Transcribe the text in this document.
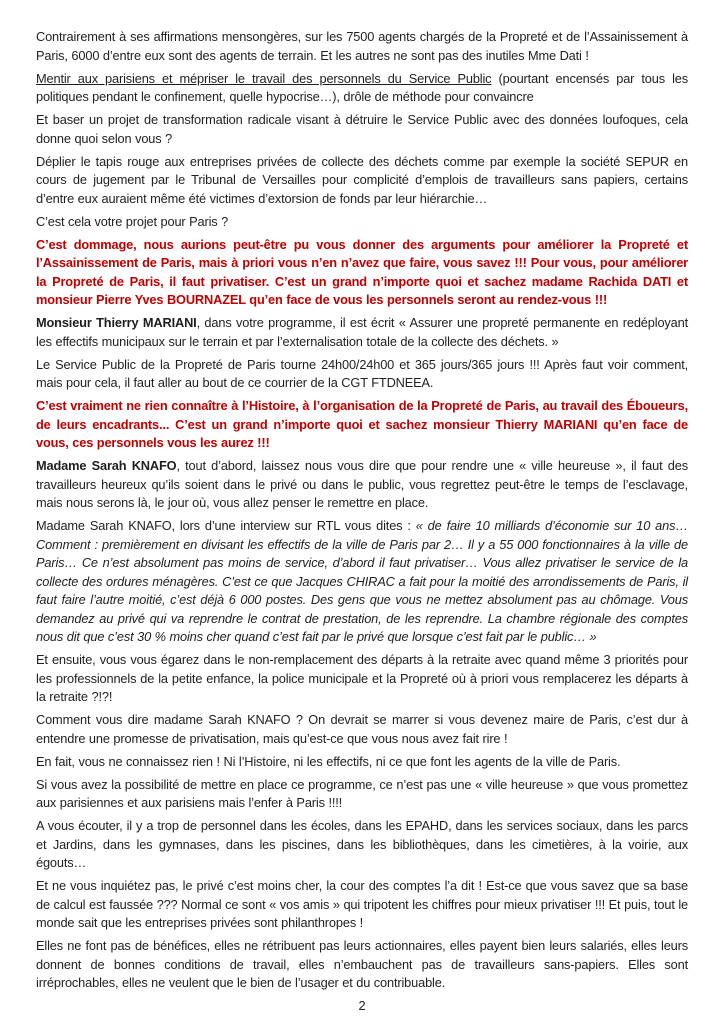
Contrairement à ses affirmations mensongères, sur les 7500 agents chargés de la Propreté et de l’Assainissement à Paris, 6000 d’entre eux sont des agents de terrain. Et les autres ne sont pas des inutiles Mme Dati !

Mentir aux parisiens et mépriser le travail des personnels du Service Public (pourtant encensés par tous les politiques pendant le confinement, quelle hypocrise…), drôle de méthode pour convaincre

Et baser un projet de transformation radicale visant à détruire le Service Public avec des données loufoques, cela donne quoi selon vous ?

Déplier le tapis rouge aux entreprises privées de collecte des déchets comme par exemple la société SEPUR en cours de jugement par le Tribunal de Versailles pour complicité d’emplois de travailleurs sans papiers, certains d’entre eux auraient même été victimes d’extorsion de fonds par leur hiérarchie…

C’est cela votre projet pour Paris ?

C’est dommage, nous aurions peut-être pu vous donner des arguments pour améliorer la Propreté et l’Assainissement de Paris, mais à priori vous n’en n’avez que faire, vous savez !!! Pour vous, pour améliorer la Propreté de Paris, il faut privatiser. C’est un grand n’importe quoi et sachez madame Rachida DATI et monsieur Pierre Yves BOURNAZEL qu’en face de vous les personnels seront au rendez-vous !!!

Monsieur Thierry MARIANI, dans votre programme, il est écrit « Assurer une propreté permanente en redéployant les effectifs municipaux sur le terrain et par l’externalisation totale de la collecte des déchets. »

Le Service Public de la Propreté de Paris tourne 24h00/24h00 et 365 jours/365 jours !!! Après faut voir comment, mais pour cela, il faut aller au bout de ce courrier de la CGT FTDNEEA.

C’est vraiment ne rien connaître à l’Histoire, à l’organisation de la Propreté de Paris, au travail des Éboueurs, de leurs encadrants... C’est un grand n’importe quoi et sachez monsieur Thierry MARIANI qu’en face de vous, ces personnels vous les aurez !!!

Madame Sarah KNAFO, tout d’abord, laissez nous vous dire que pour rendre une « ville heureuse », il faut des travailleurs heureux qu’ils soient dans le privé ou dans le public, vous regrettez peut-être le temps de l’esclavage, mais nous serons là, le jour où, vous allez penser le remettre en place.

Madame Sarah KNAFO, lors d’une interview sur RTL vous dites : « de faire 10 milliards d’économie sur 10 ans… Comment : premièrement en divisant les effectifs de la ville de Paris par 2… Il y a 55 000 fonctionnaires à la ville de Paris… Ce n’est absolument pas moins de service, d’abord il faut privatiser… Vous allez privatiser le service de la collecte des ordures ménagères. C’est ce que Jacques CHIRAC a fait pour la moitié des arrondissements de Paris, il faut faire l’autre moitié, c’est déjà 6 000 postes. Des gens que vous ne mettez absolument pas au chômage. Vous demandez au privé qui va reprendre le contrat de prestation, de les reprendre. La chambre régionale des comptes nous dit que c’est 30 % moins cher quand c’est fait par le privé que lorsque c’est fait par le public… »

Et ensuite, vous vous égarez dans le non-remplacement des départs à la retraite avec quand même 3 priorités pour les professionnels de la petite enfance, la police municipale et la Propreté où à priori vous remplacerez les départs à la retraite ?!?!

Comment vous dire madame Sarah KNAFO ? On devrait se marrer si vous devenez maire de Paris, c’est dur à entendre une promesse de privatisation, mais qu’est-ce que vous nous avez fait rire !

En fait, vous ne connaissez rien ! Ni l’Histoire, ni les effectifs, ni ce que font les agents de la ville de Paris.

Si vous avez la possibilité de mettre en place ce programme, ce n’est pas une « ville heureuse » que vous promettez aux parisiennes et aux parisiens mais l’enfer à Paris !!!!

A vous écouter, il y a trop de personnel dans les écoles, dans les EPAHD, dans les services sociaux, dans les parcs et Jardins, dans les gymnases, dans les piscines, dans les bibliothèques, dans les cimetières, à la voirie, aux égouts…

Et ne vous inquiétez pas, le privé c’est moins cher, la cour des comptes l’a dit ! Est-ce que vous savez que sa base de calcul est faussée ??? Normal ce sont « vos amis » qui tripotent les chiffres pour mieux privatiser !!! Et puis, tout le monde sait que les entreprises privées sont philanthropes !

Elles ne font pas de bénéfices, elles ne rétribuent pas leurs actionnaires, elles payent bien leurs salariés, elles leurs donnent de bonnes conditions de travail, elles n’embauchent pas de travailleurs sans-papiers. Elles sont irréprochables, elles ne veulent que le bien de l’usager et du contribuable.

2
